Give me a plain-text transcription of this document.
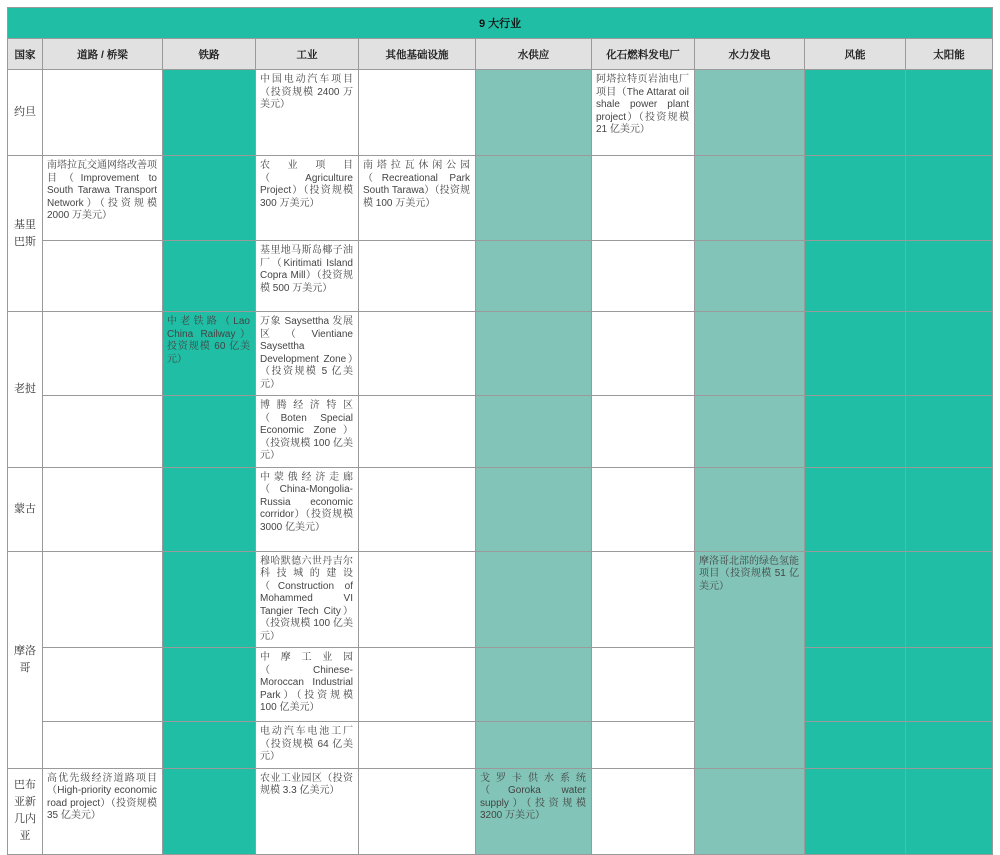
9 大行业									
国家	道路 / 桥梁	铁路	工业	其他基础设施	水供应	化石燃料发电厂	水力发电	风能	太阳能
约旦			中国电动汽车项目（投资规模 2400 万美元）			阿塔拉特页岩油电厂项目（The Attarat oil shale power plant project）（投资规模 21 亿美元）			
基里巴斯	南塔拉瓦交通网络改善项目（Improvement to South Tarawa Transport Network）（投资规模 2000 万美元）		农业项目（Agriculture Project）（投资规模 300 万美元）	南塔拉瓦休闲公园（Recreational Park South Tarawa）（投资规模 100 万美元）					
			基里地马斯岛椰子油厂（Kiritimati Island Copra Mill）（投资规模 500 万美元）						
老挝		中老铁路（Lao China Railway）投资规模 60 亿美元）	万象 Saysettha 发展区（Vientiane Saysettha Development Zone）（投资规模 5 亿美元）						
			博腾经济特区（Boten Special Economic Zone）（投资规模 100 亿美元）						
蒙古			中蒙俄经济走廊（China-Mongolia-Russia economic corridor）（投资规模 3000 亿美元）						
摩洛哥			穆哈默德六世丹吉尔科技城的建设（Construction of Mohammed VI Tangier Tech City）（投资规模 100 亿美元）				摩洛哥北部的绿色氢能项目（投资规模 51 亿美元）		
			中摩工业园（Chinese-Moroccan Industrial Park）（投资规模 100 亿美元）						
			电动汽车电池工厂（投资规模 64 亿美元）						
巴布亚新几内亚	高优先级经济道路项目（High-priority economic road project）（投资规模 35 亿美元）		农业工业园区（投资规模 3.3 亿美元）		戈罗卡供水系统（Goroka water supply）（投资规模 3200 万美元）				
